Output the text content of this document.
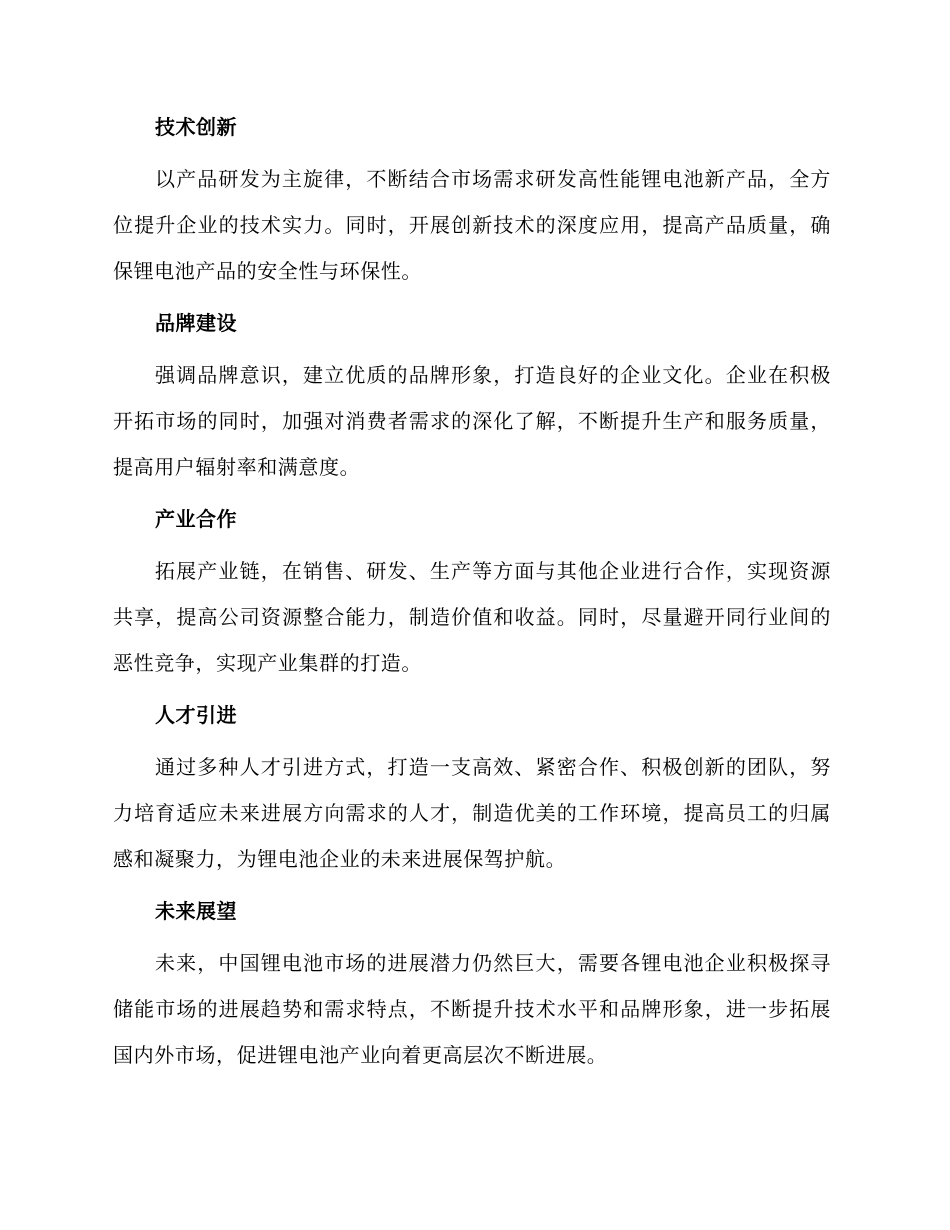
技术创新

以产品研发为主旋律，不断结合市场需求研发高性能锂电池新产品，全方位提升企业的技术实力。同时，开展创新技术的深度应用，提高产品质量，确保锂电池产品的安全性与环保性。

品牌建设

强调品牌意识，建立优质的品牌形象，打造良好的企业文化。企业在积极开拓市场的同时，加强对消费者需求的深化了解，不断提升生产和服务质量，提高用户辐射率和满意度。

产业合作

拓展产业链，在销售、研发、生产等方面与其他企业进行合作，实现资源共享，提高公司资源整合能力，制造价值和收益。同时，尽量避开同行业间的恶性竞争，实现产业集群的打造。

人才引进

通过多种人才引进方式，打造一支高效、紧密合作、积极创新的团队，努力培育适应未来进展方向需求的人才，制造优美的工作环境，提高员工的归属感和凝聚力，为锂电池企业的未来进展保驾护航。

未来展望

未来，中国锂电池市场的进展潜力仍然巨大，需要各锂电池企业积极探寻储能市场的进展趋势和需求特点，不断提升技术水平和品牌形象，进一步拓展国内外市场，促进锂电池产业向着更高层次不断进展。
